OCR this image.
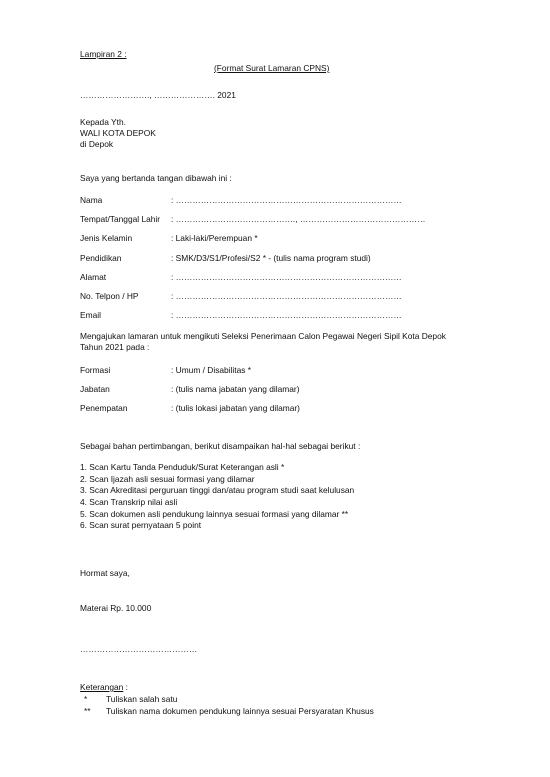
Lampiran 2 :
(Format Surat Lamaran CPNS)
……………………., …………………. 2021
Kepada Yth.
WALI KOTA DEPOK
di Depok
Saya yang bertanda tangan dibawah ini :
Nama	: ………………………………………………………………………
Tempat/Tanggal Lahir : ……………………………………., ………………………………………
Jenis Kelamin	: Laki-laki/Perempuan *
Pendidikan	: SMK/D3/S1/Profesi/S2 * - (tulis nama program studi)
Alamat	: ………………………………………………………………………
No. Telpon / HP	: ………………………………………………………………………
Email	: ………………………………………………………………………
Mengajukan lamaran untuk mengikuti Seleksi Penerimaan Calon Pegawai Negeri Sipil Kota Depok
Tahun 2021 pada :
Formasi	: Umum / Disabilitas *
Jabatan	: (tulis nama jabatan yang dilamar)
Penempatan	: (tulis lokasi jabatan yang dilamar)
Sebagai bahan pertimbangan, berikut disampaikan hal-hal sebagai berikut :
1. Scan Kartu Tanda Penduduk/Surat Keterangan asli *
2. Scan Ijazah asli sesuai formasi yang dilamar
3. Scan Akreditasi perguruan tinggi dan/atau program studi saat kelulusan
4. Scan Transkrip nilai asli
5. Scan dokumen asli pendukung lainnya sesuai formasi yang dilamar **
6. Scan surat pernyataan 5 point
Hormat saya,
Materai Rp. 10.000
……………………………………
Keterangan :
* Tuliskan salah satu
** Tuliskan nama dokumen pendukung lainnya sesuai Persyaratan Khusus
